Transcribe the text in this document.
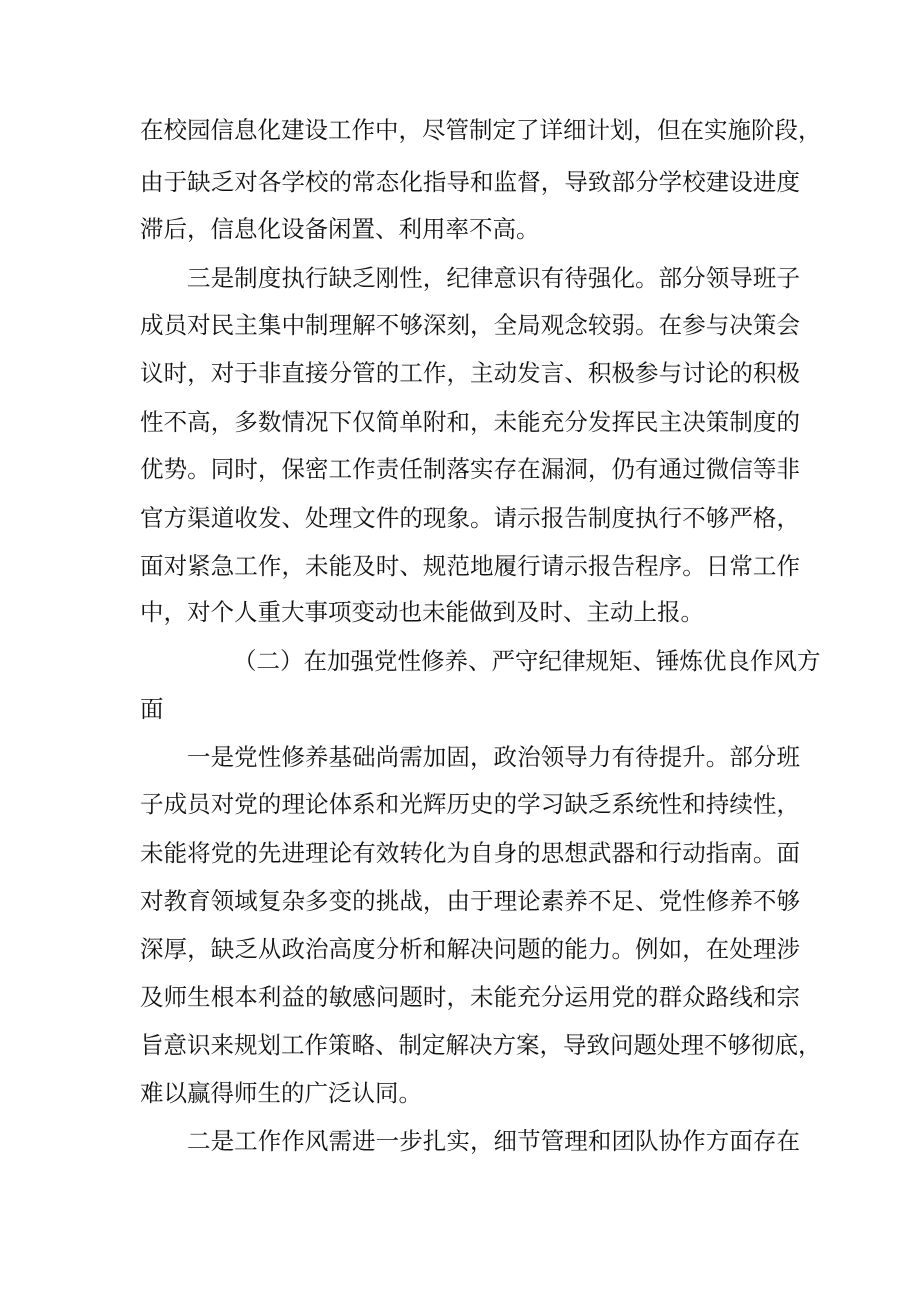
在校园信息化建设工作中，尽管制定了详细计划，但在实施阶段，
由于缺乏对各学校的常态化指导和监督，导致部分学校建设进度
滞后，信息化设备闲置、利用率不高。
三是制度执行缺乏刚性，纪律意识有待强化。部分领导班子
成员对民主集中制理解不够深刻，全局观念较弱。在参与决策会
议时，对于非直接分管的工作，主动发言、积极参与讨论的积极
性不高，多数情况下仅简单附和，未能充分发挥民主决策制度的
优势。同时，保密工作责任制落实存在漏洞，仍有通过微信等非
官方渠道收发、处理文件的现象。请示报告制度执行不够严格，
面对紧急工作，未能及时、规范地履行请示报告程序。日常工作
中，对个人重大事项变动也未能做到及时、主动上报。
（二）在加强党性修养、严守纪律规矩、锤炼优良作风方
面
一是党性修养基础尚需加固，政治领导力有待提升。部分班
子成员对党的理论体系和光辉历史的学习缺乏系统性和持续性，
未能将党的先进理论有效转化为自身的思想武器和行动指南。面
对教育领域复杂多变的挑战，由于理论素养不足、党性修养不够
深厚，缺乏从政治高度分析和解决问题的能力。例如，在处理涉
及师生根本利益的敏感问题时，未能充分运用党的群众路线和宗
旨意识来规划工作策略、制定解决方案，导致问题处理不够彻底，
难以赢得师生的广泛认同。
二是工作作风需进一步扎实，细节管理和团队协作方面存在
